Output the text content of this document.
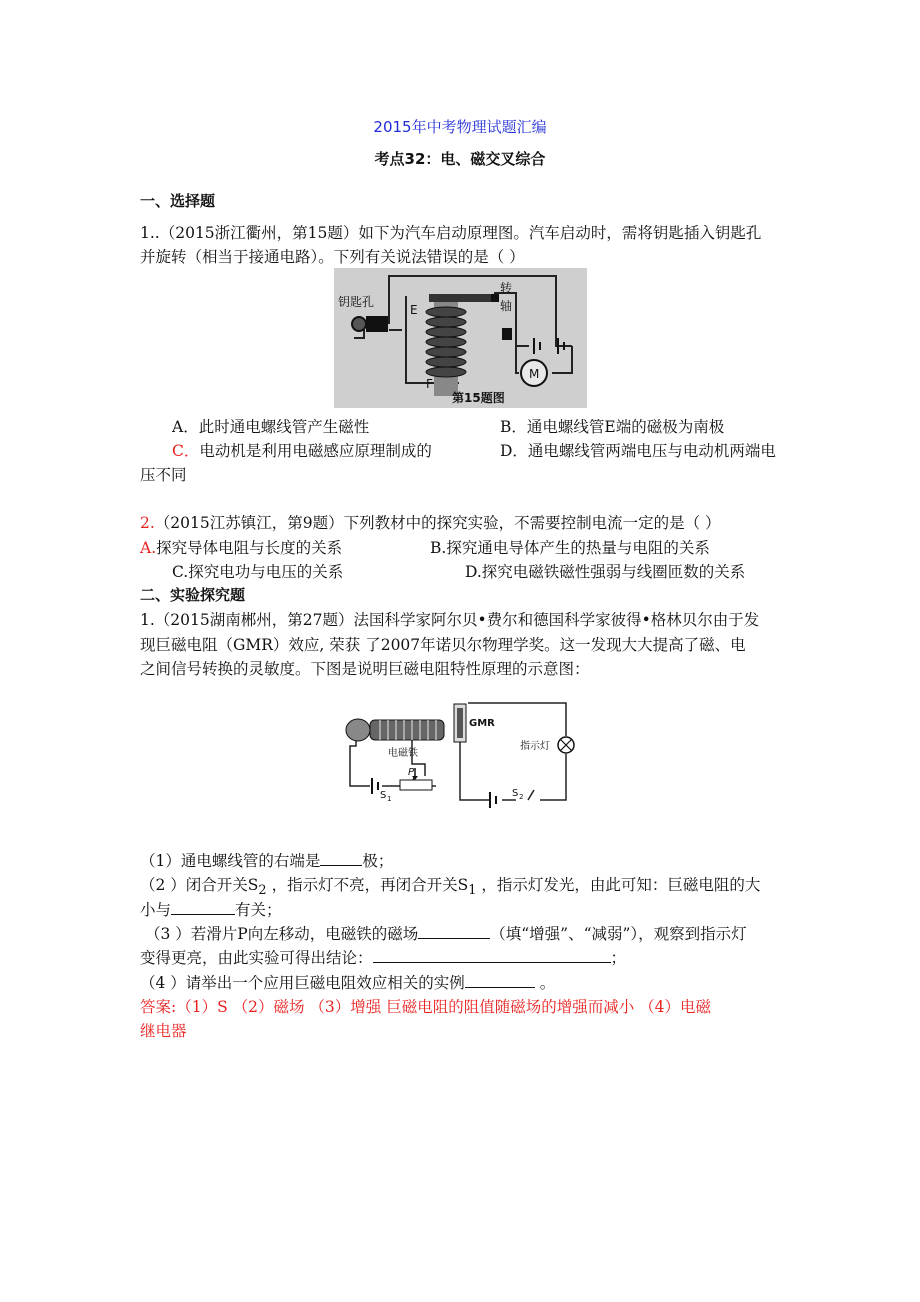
2015年中考物理试题汇编
考点32：电、磁交叉综合
一、选择题
1..（2015浙江衢州，第15题）如下为汽车启动原理图。汽车启动时，需将钥匙插入钥匙孔
并旋转（相当于接通电路）。下列有关说法错误的是（ ）
钥匙孔
E
转
轴
F
M
第15题图
A．此时通电螺线管产生磁性	B．通电螺线管E端的磁极为南极
C．电动机是利用电磁感应原理制成的	D．通电螺线管两端电压与电动机两端电
压不同
2.（2015江苏镇江，第9题）下列教材中的探究实验，不需要控制电流一定的是（ ）
A.探究导体电阻与长度的关系	B.探究通电导体产生的热量与电阻的关系
C.探究电功与电压的关系	D.探究电磁铁磁性强弱与线圈匝数的关系
二、实验探究题
1.（2015湖南郴州，第27题）法国科学家阿尔贝•费尔和德国科学家彼得•格林贝尔由于发
现巨磁电阻（GMR）效应, 荣获 了2007年诺贝尔物理学奖。这一发现大大提高了磁、电
之间信号转换的灵敏度。下图是说明巨磁电阻特性原理的示意图：
电磁铁
P
S 1
GMR
指示灯
S 2
（1）通电螺线管的右端是	极；
（2 ）闭合开关$S_2$ ，指示灯不亮，再闭合开关$S_1$ ，指示灯发光，由此可知：巨磁电阻的大
小与	有关；
（3 ）若滑片P向左移动，电磁铁的磁场	（填“增强”、“减弱”），观察到指示灯
变得更亮，由此实验可得出结论：	；
（4 ）请举出一个应用巨磁电阻效应相关的实例	。
答案:（1）S （2）磁场 （3）增强 巨磁电阻的阻值随磁场的增强而减小 （4）电磁
继电器
